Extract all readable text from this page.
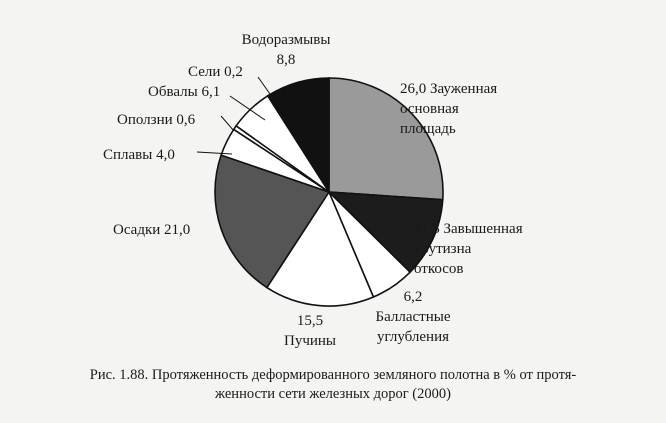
26,0 Зауженная основная площадь
11,3 Завышенная крутизна откосов
6,2 Балластные углубления
15,5 Пучины
Осадки 21,0
Сплавы 4,0
Оползни 0,6
Обвалы 6,1
Сели 0,2
Водоразмывы 8,8
Рис. 1.88. Протяженность деформированного земляного полотна в % от протя-
женности сети железных дорог (2000)
